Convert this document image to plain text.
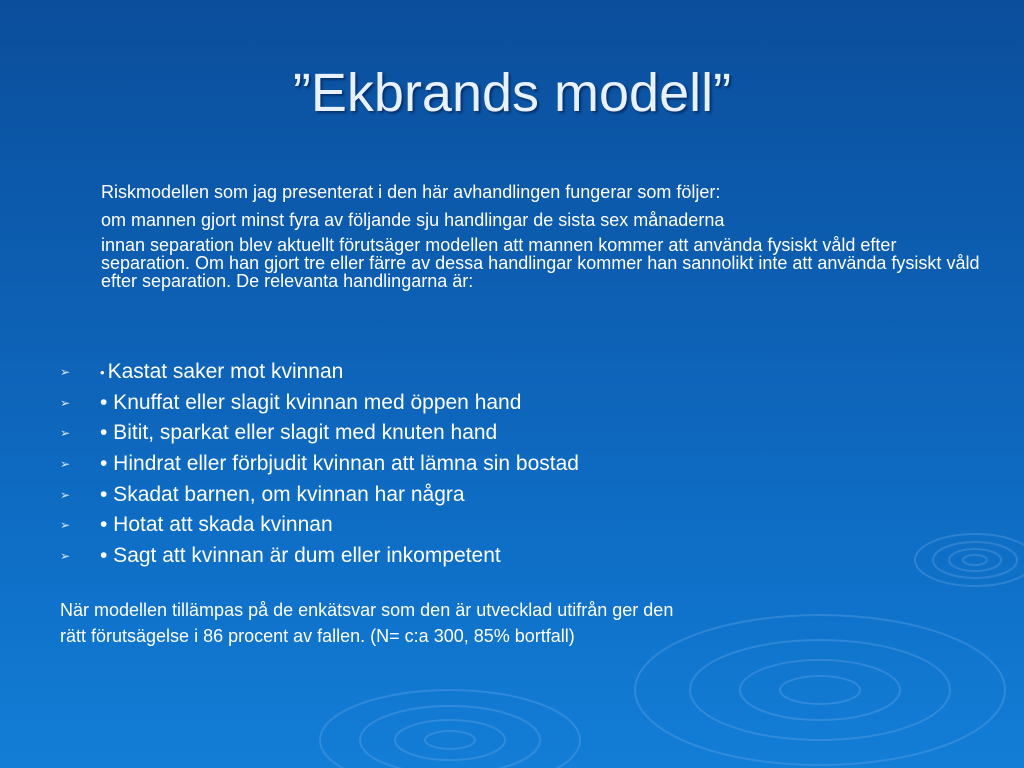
”Ekbrands modell”
Riskmodellen som jag presenterat i den här avhandlingen fungerar som följer:
om mannen gjort minst fyra av följande sju handlingar de sista sex månaderna
innan separation blev aktuellt förutsäger modellen att mannen kommer att använda fysiskt våld efter separation. Om han gjort tre eller färre av dessa handlingar kommer han sannolikt inte att använda fysiskt våld efter separation. De relevanta handlingarna är:
➢	• Kastat saker mot kvinnan
➢	• Knuffat eller slagit kvinnan med öppen hand
➢	• Bitit, sparkat eller slagit med knuten hand
➢	• Hindrat eller förbjudit kvinnan att lämna sin bostad
➢	• Skadat barnen, om kvinnan har några
➢	• Hotat att skada kvinnan
➢	• Sagt att kvinnan är dum eller inkompetent
När modellen tillämpas på de enkätsvar som den är utvecklad utifrån ger den
rätt förutsägelse i 86 procent av fallen. (N= c:a 300, 85% bortfall)
